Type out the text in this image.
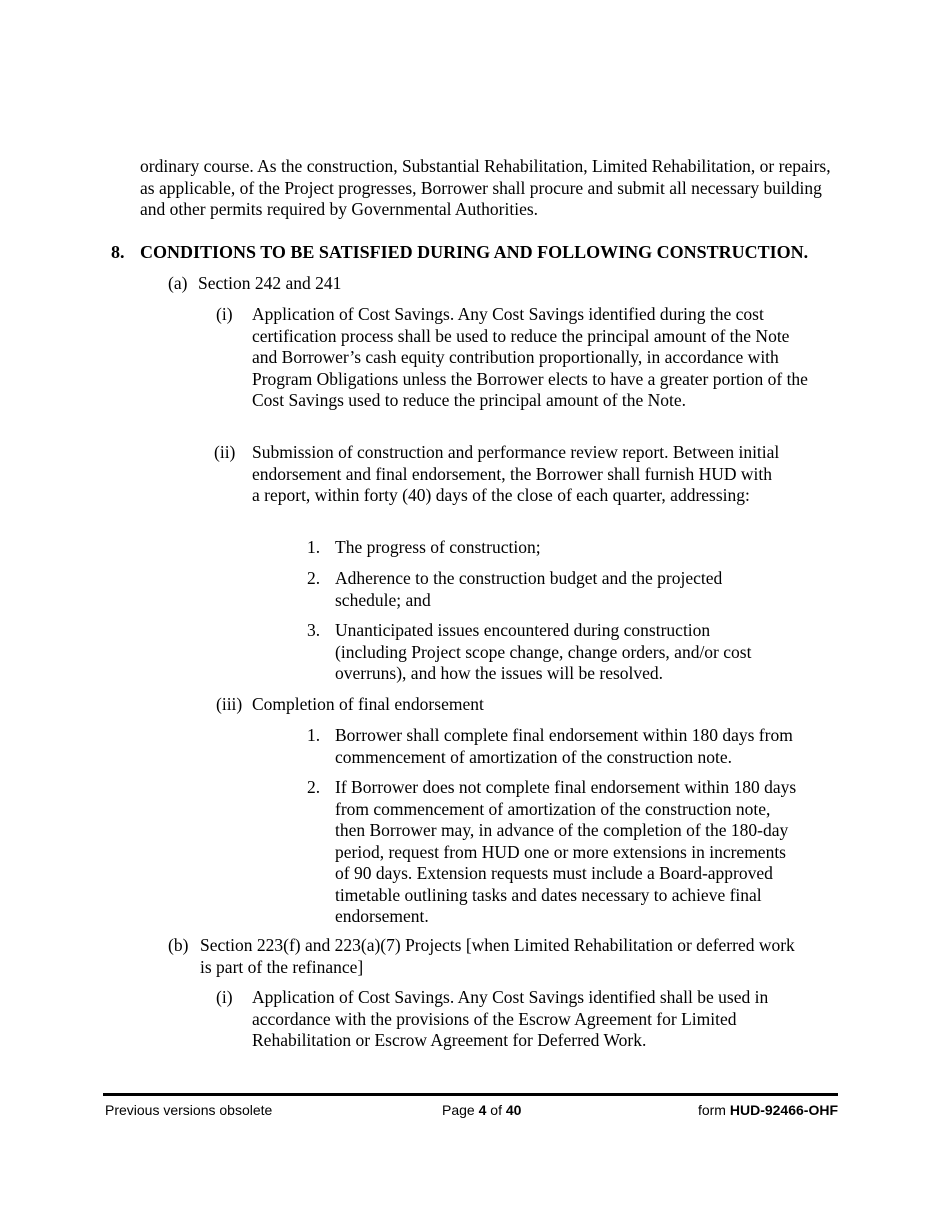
ordinary course. As the construction, Substantial Rehabilitation, Limited Rehabilitation, or repairs, as applicable, of the Project progresses, Borrower shall procure and submit all necessary building and other permits required by Governmental Authorities.
8. CONDITIONS TO BE SATISFIED DURING AND FOLLOWING CONSTRUCTION.
(a) Section 242 and 241
(i) Application of Cost Savings. Any Cost Savings identified during the cost certification process shall be used to reduce the principal amount of the Note and Borrower’s cash equity contribution proportionally, in accordance with Program Obligations unless the Borrower elects to have a greater portion of the Cost Savings used to reduce the principal amount of the Note.
(ii) Submission of construction and performance review report. Between initial endorsement and final endorsement, the Borrower shall furnish HUD with a report, within forty (40) days of the close of each quarter, addressing:
1. The progress of construction;
2. Adherence to the construction budget and the projected schedule; and
3. Unanticipated issues encountered during construction (including Project scope change, change orders, and/or cost overruns), and how the issues will be resolved.
(iii) Completion of final endorsement
1. Borrower shall complete final endorsement within 180 days from commencement of amortization of the construction note.
2. If Borrower does not complete final endorsement within 180 days from commencement of amortization of the construction note, then Borrower may, in advance of the completion of the 180-day period, request from HUD one or more extensions in increments of 90 days. Extension requests must include a Board-approved timetable outlining tasks and dates necessary to achieve final endorsement.
(b) Section 223(f) and 223(a)(7) Projects [when Limited Rehabilitation or deferred work is part of the refinance]
(i) Application of Cost Savings. Any Cost Savings identified shall be used in accordance with the provisions of the Escrow Agreement for Limited Rehabilitation or Escrow Agreement for Deferred Work.
Previous versions obsolete	Page 4 of 40	form HUD-92466-OHF
